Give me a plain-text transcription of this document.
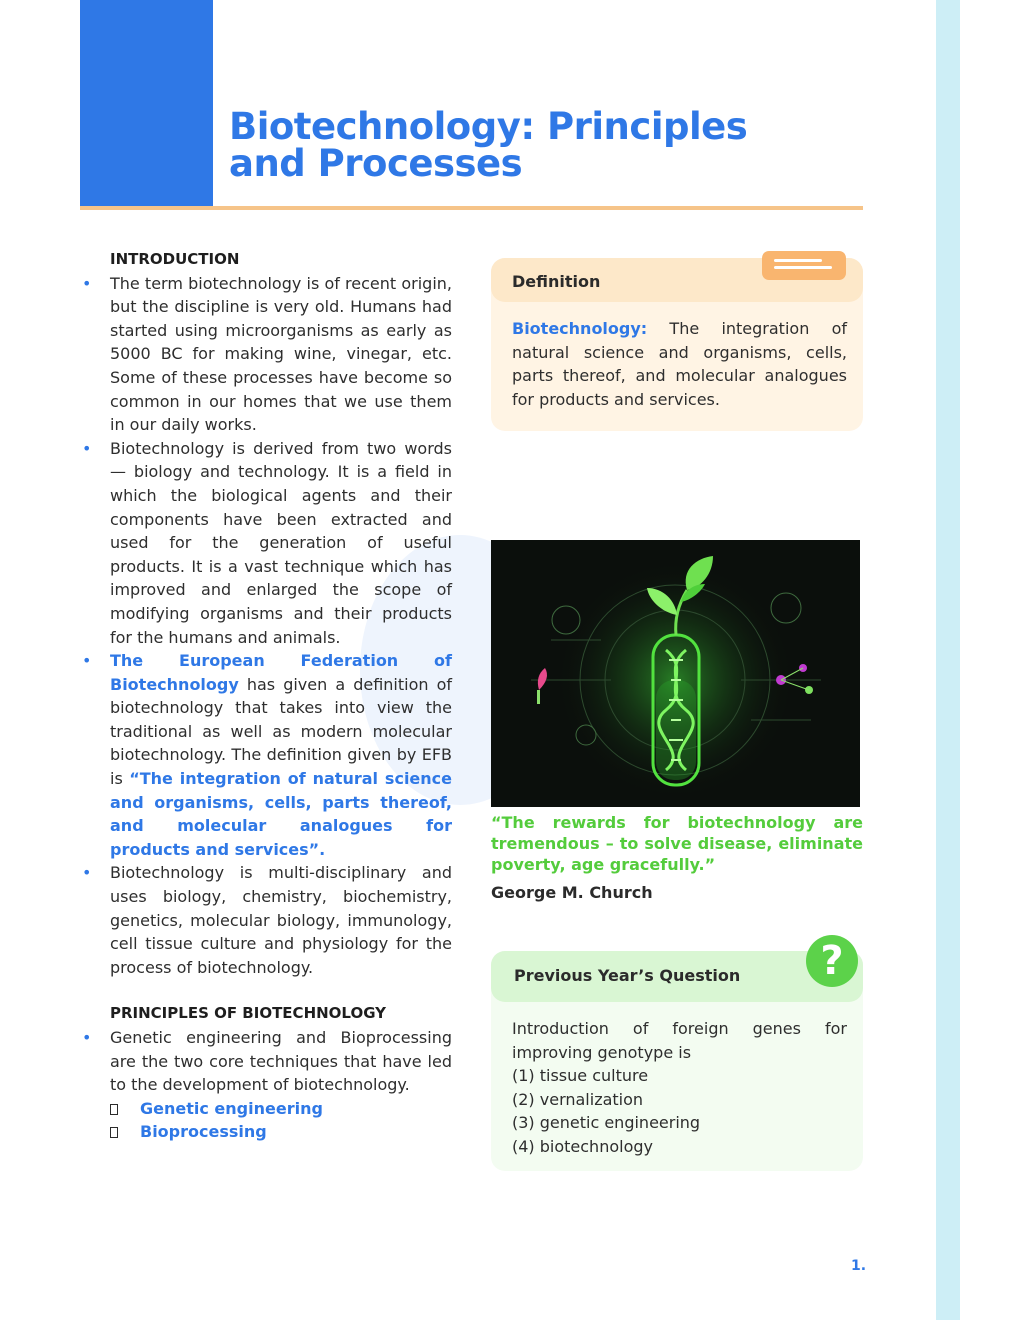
Biotechnology: Principles
and Processes
INTRODUCTION
• The term biotechnology is of recent origin, but the discipline is very old. Humans had started using microorganisms as early as 5000 BC for making wine, vinegar, etc. Some of these processes have become so common in our homes that we use them in our daily works.
• Biotechnology is derived from two words — biology and technology. It is a field in which the biological agents and their components have been extracted and used for the generation of useful products. It is a vast technique which has improved and enlarged the scope of modifying organisms and their products for the humans and animals.
• The European Federation of Biotechnology has given a definition of biotechnology that takes into view the traditional as well as modern molecular biotechnology. The definition given by EFB is “The integration of natural science and organisms, cells, parts thereof, and molecular analogues for products and services”.
• Biotechnology is multi-disciplinary and uses biology, chemistry, biochemistry, genetics, molecular biology, immunology, cell tissue culture and physiology for the process of biotechnology.
PRINCIPLES OF BIOTECHNOLOGY
• Genetic engineering and Bioprocessing are the two core techniques that have led to the development of biotechnology.
Genetic engineering
Bioprocessing
Definition
Biotechnology: The integration of natural science and organisms, cells, parts thereof, and molecular analogues for products and services.
“The rewards for biotechnology are tremendous – to solve disease, eliminate poverty, age gracefully.”
George M. Church
Previous Year’s Question	?
Introduction of foreign genes for improving genotype is
(1) tissue culture
(2) vernalization
(3) genetic engineering
(4) biotechnology
1.
